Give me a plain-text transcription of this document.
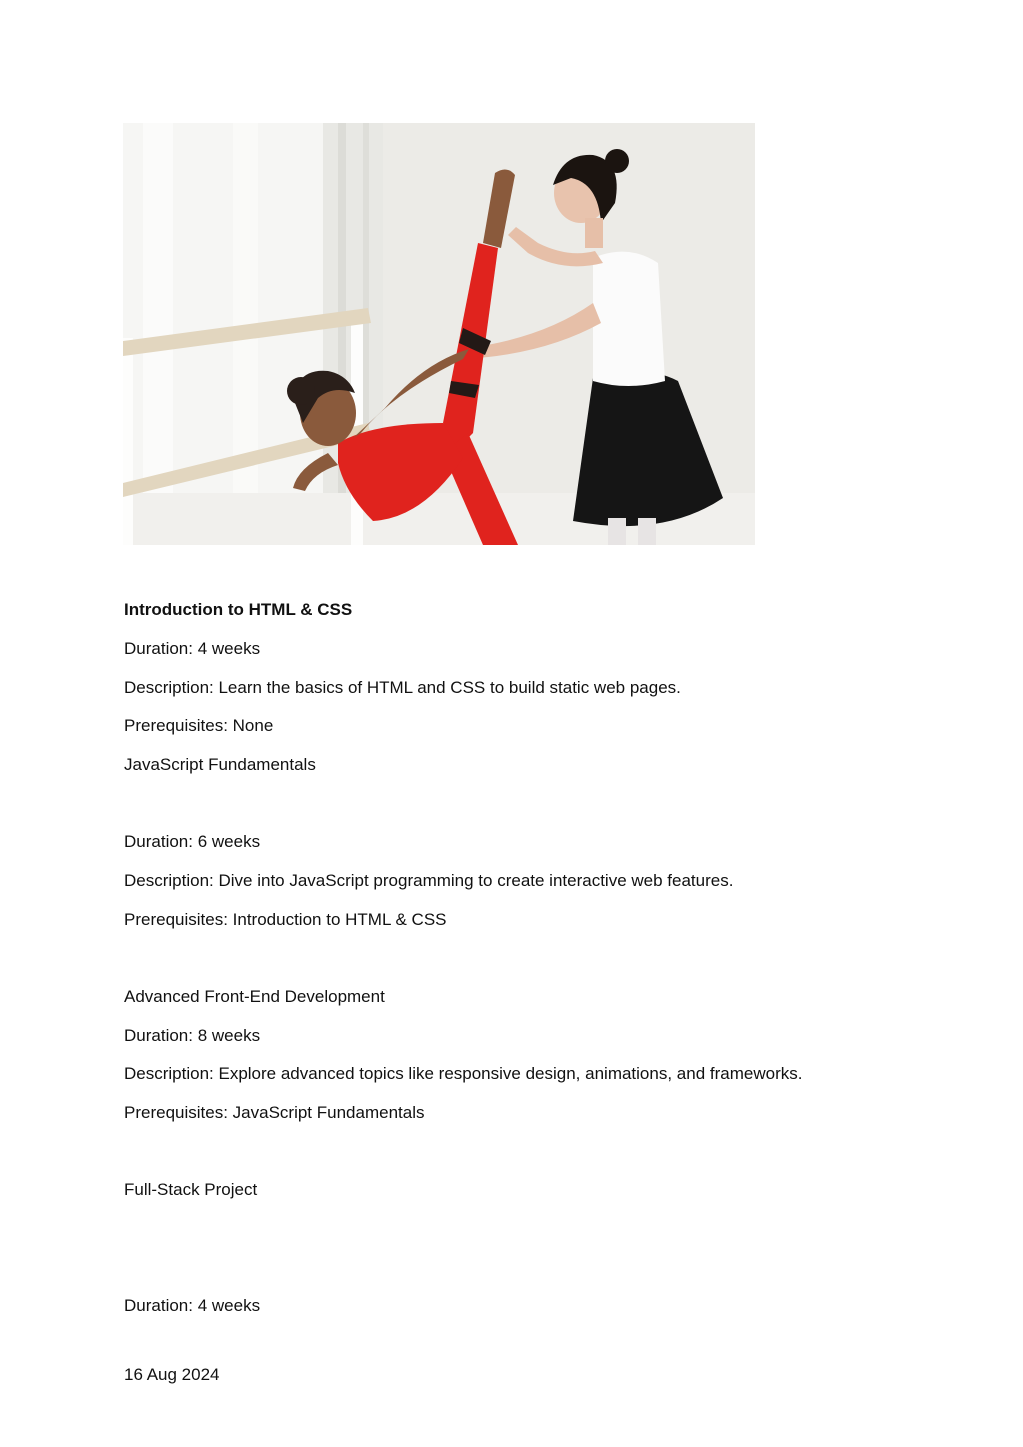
Introduction to HTML & CSS

Duration: 4 weeks

Description: Learn the basics of HTML and CSS to build static web pages.

Prerequisites: None

JavaScript Fundamentals

Duration: 6 weeks

Description: Dive into JavaScript programming to create interactive web features.

Prerequisites: Introduction to HTML & CSS

Advanced Front-End Development

Duration: 8 weeks

Description: Explore advanced topics like responsive design, animations, and frameworks.

Prerequisites: JavaScript Fundamentals

Full-Stack Project

Duration: 4 weeks

16 Aug 2024
